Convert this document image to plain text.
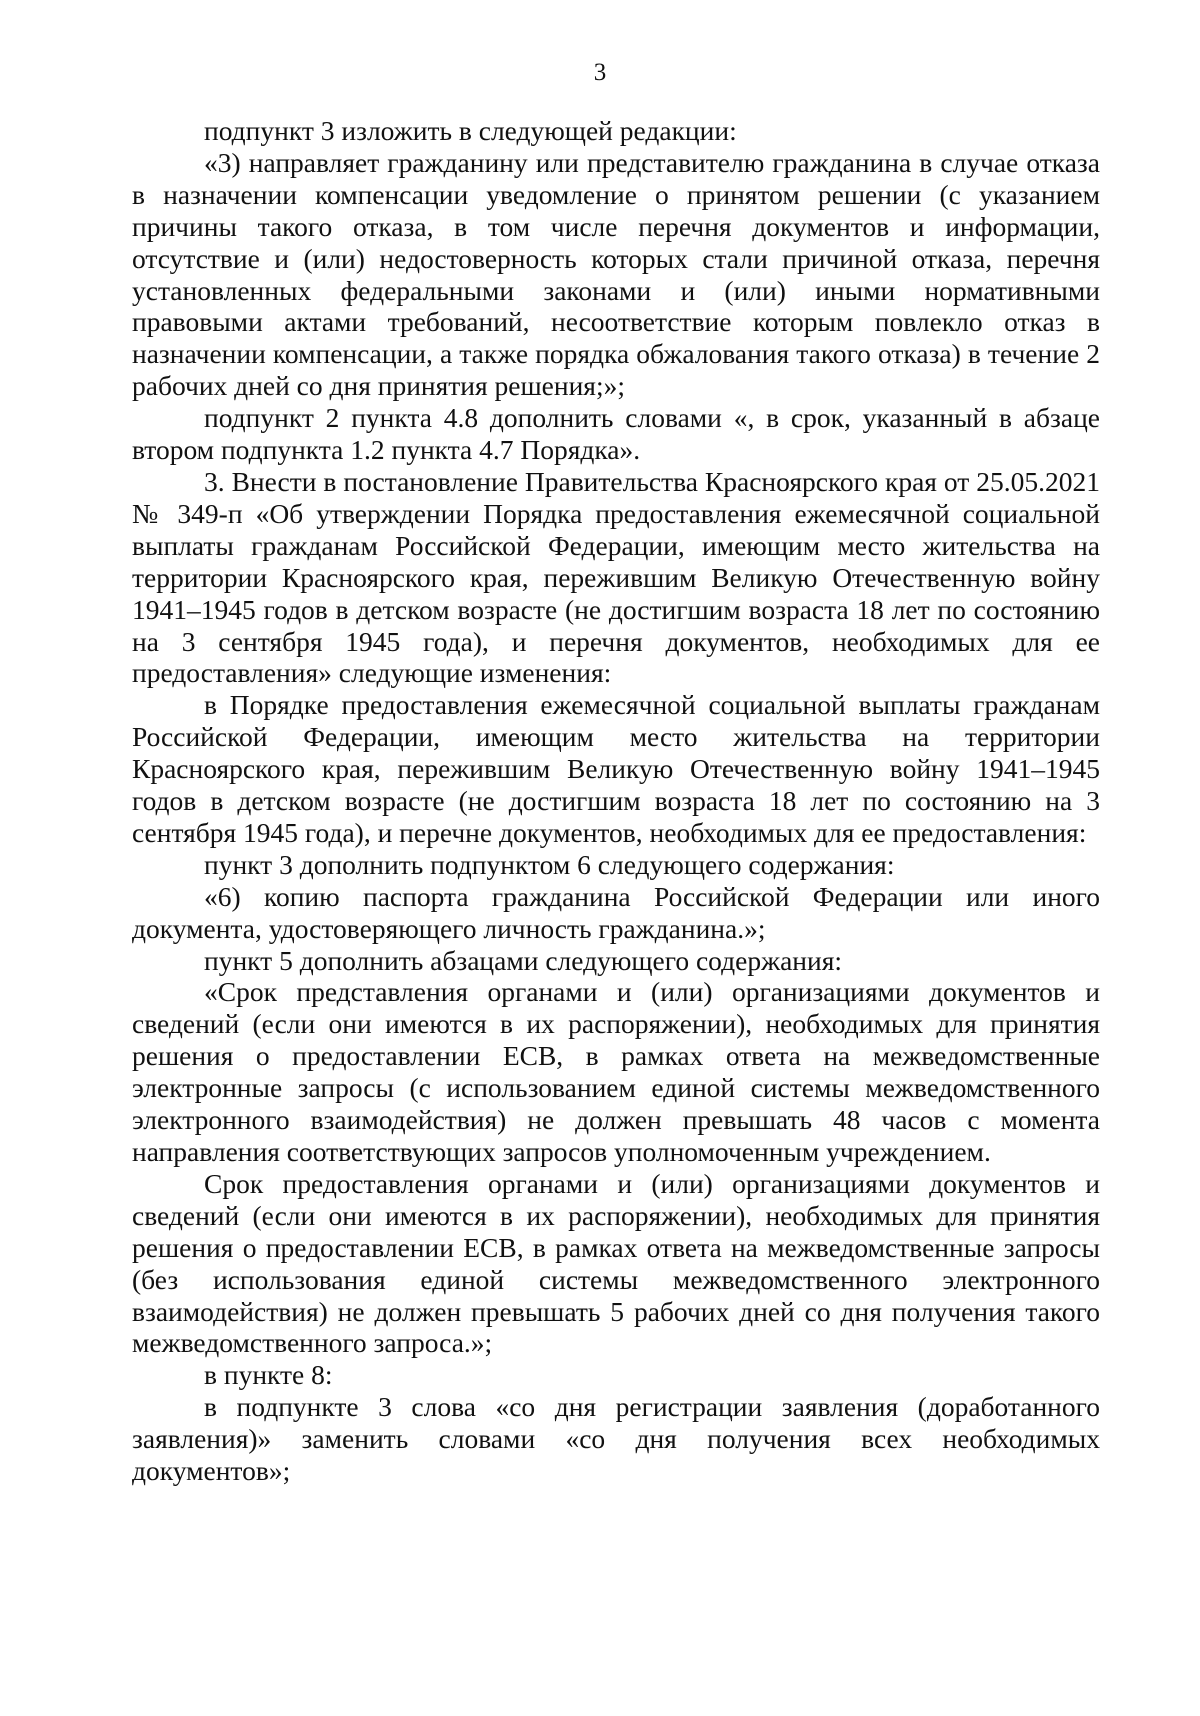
3

подпункт 3 изложить в следующей редакции:

«3) направляет гражданину или представителю гражданина в случае отказа в назначении компенсации уведомление о принятом решении (с указанием причины такого отказа, в том числе перечня документов и информации, отсутствие и (или) недостоверность которых стали причиной отказа, перечня установленных федеральными законами и (или) иными нормативными правовыми актами требований, несоответствие которым повлекло отказ в назначении компенсации, а также порядка обжалования такого отказа) в течение 2 рабочих дней со дня принятия решения;»;

подпункт 2 пункта 4.8 дополнить словами «, в срок, указанный в абзаце втором подпункта 1.2 пункта 4.7 Порядка».

3. Внести в постановление Правительства Красноярского края от 25.05.2021 № 349-п «Об утверждении Порядка предоставления ежемесячной социальной выплаты гражданам Российской Федерации, имеющим место жительства на территории Красноярского края, пережившим Великую Отечественную войну 1941–1945 годов в детском возрасте (не достигшим возраста 18 лет по состоянию на 3 сентября 1945 года), и перечня документов, необходимых для ее предоставления» следующие изменения:

в Порядке предоставления ежемесячной социальной выплаты гражданам Российской Федерации, имеющим место жительства на территории Красноярского края, пережившим Великую Отечественную войну 1941–1945 годов в детском возрасте (не достигшим возраста 18 лет по состоянию на 3 сентября 1945 года), и перечне документов, необходимых для ее предоставления:

пункт 3 дополнить подпунктом 6 следующего содержания:

«6) копию паспорта гражданина Российской Федерации или иного документа, удостоверяющего личность гражданина.»;

пункт 5 дополнить абзацами следующего содержания:

«Срок представления органами и (или) организациями документов и сведений (если они имеются в их распоряжении), необходимых для принятия решения о предоставлении ЕСВ, в рамках ответа на межведомственные электронные запросы (с использованием единой системы межведомственного электронного взаимодействия) не должен превышать 48 часов с момента направления соответствующих запросов уполномоченным учреждением.

Срок предоставления органами и (или) организациями документов и сведений (если они имеются в их распоряжении), необходимых для принятия решения о предоставлении ЕСВ, в рамках ответа на межведомственные запросы (без использования единой системы межведомственного электронного взаимодействия) не должен превышать 5 рабочих дней со дня получения такого межведомственного запроса.»;

в пункте 8:

в подпункте 3 слова «со дня регистрации заявления (доработанного заявления)» заменить словами «со дня получения всех необходимых документов»;
